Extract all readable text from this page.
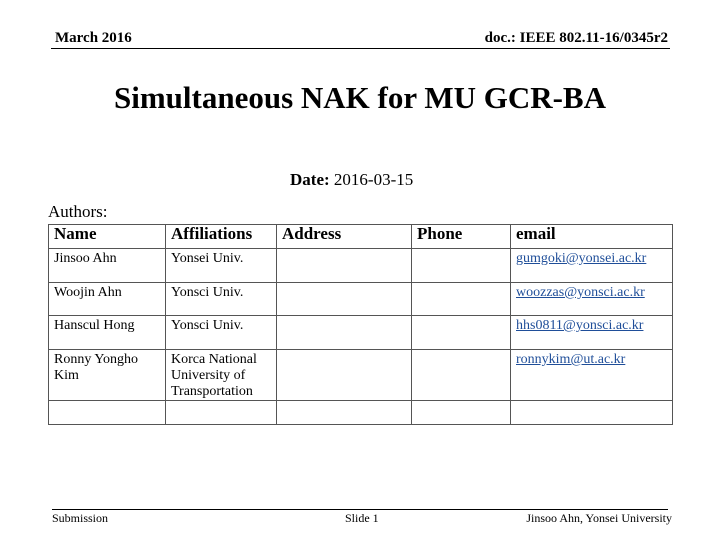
March 2016	doc.: IEEE 802.11-16/0345r2
Simultaneous NAK for MU GCR-BA
Date: 2016-03-15
Authors:
Name	Affiliations	Address	Phone	email
Jinsoo Ahn	Yonsei Univ.			gumgoki@yonsei.ac.kr
Woojin Ahn	Yonsci Univ.			woozzas@yonsci.ac.kr
Hanscul Hong	Yonsci Univ.			hhs0811@yonsci.ac.kr
Ronny Yongho Kim	Korca National University of Transportation			ronnykim@ut.ac.kr

Submission	Slide 1	Jinsoo Ahn, Yonsei University
